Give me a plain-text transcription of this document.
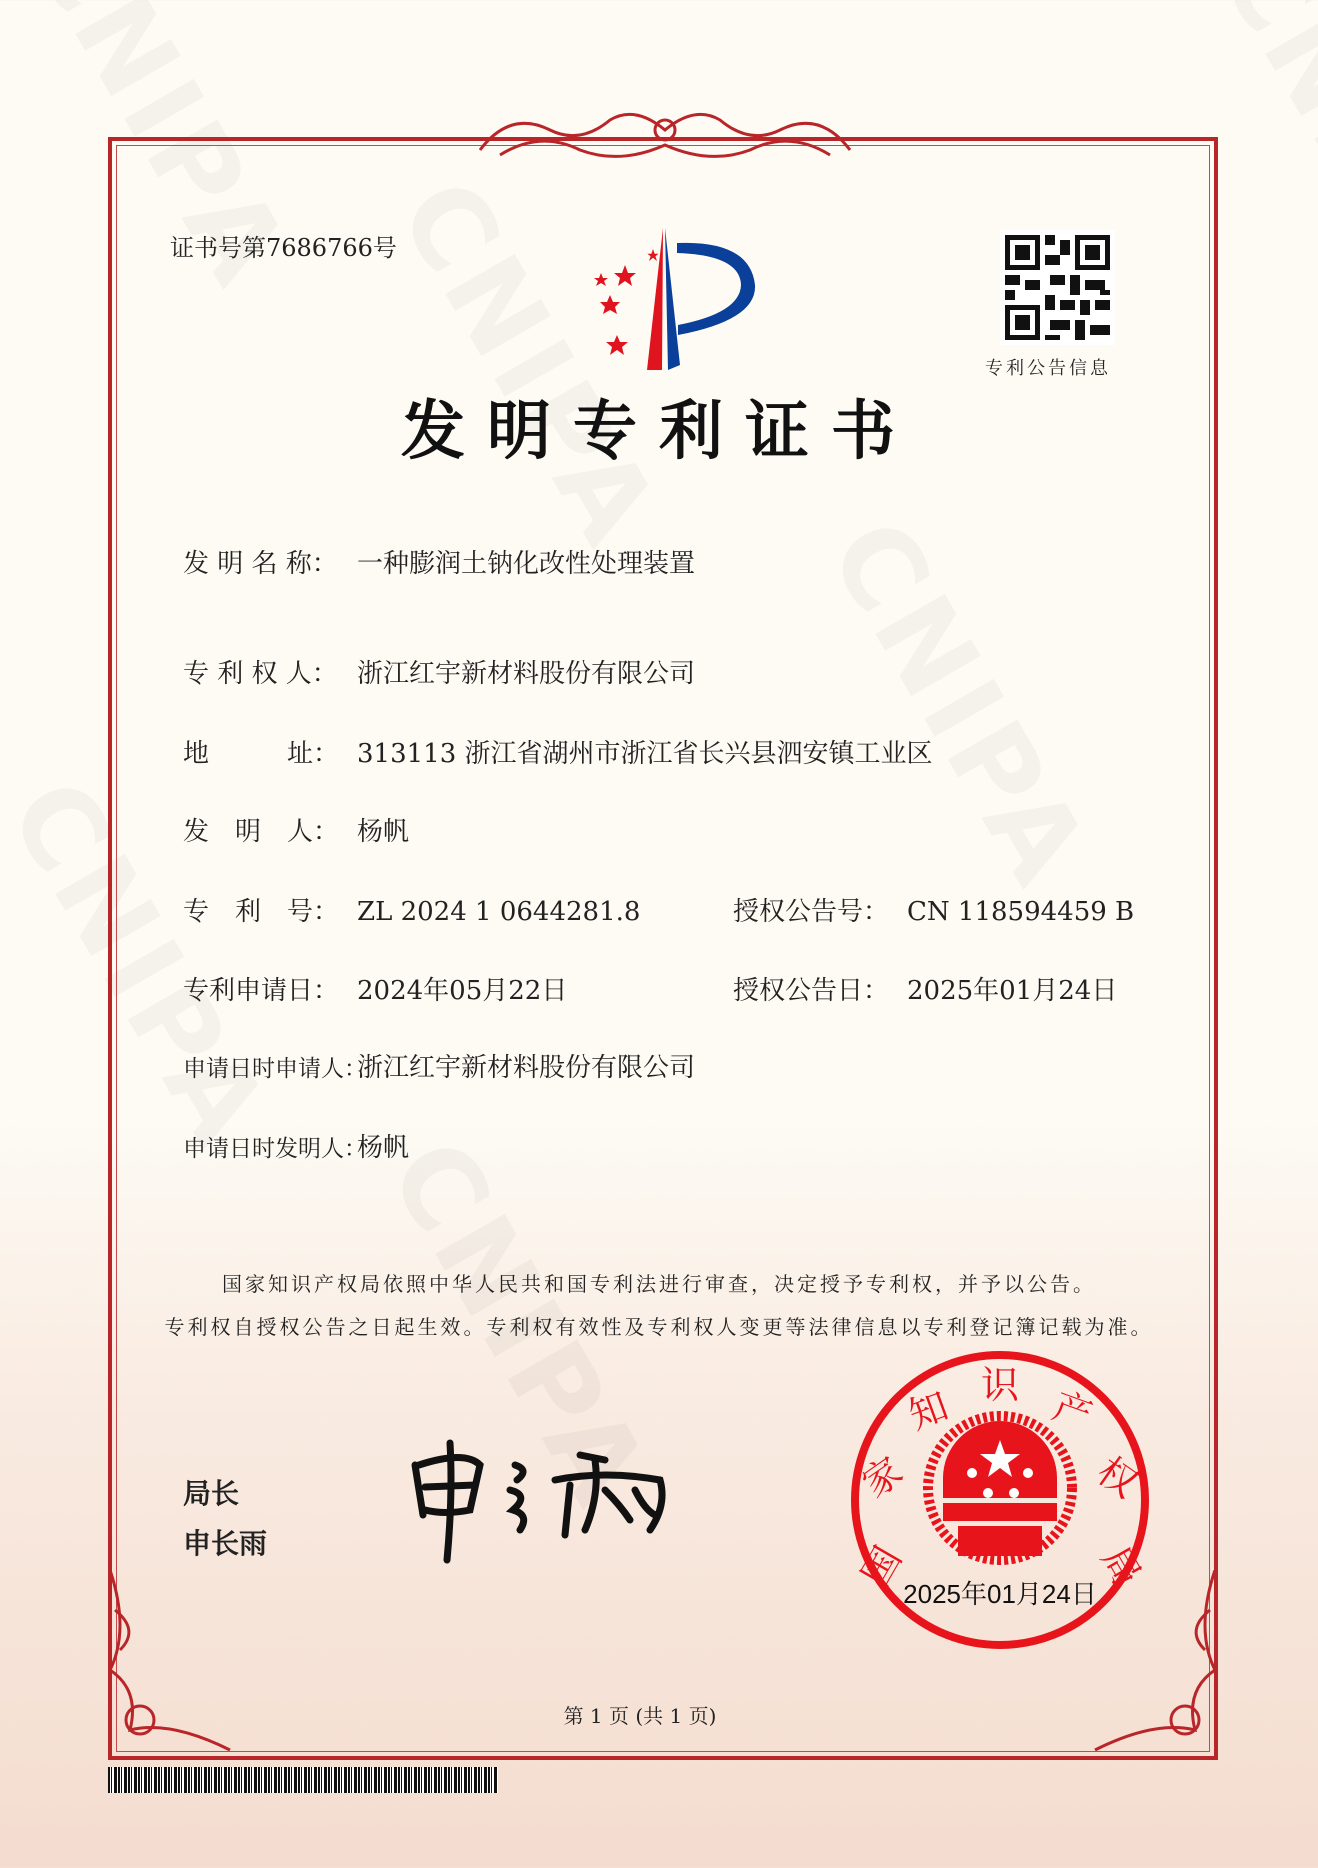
证书号第7686766号
专利公告信息
发明专利证书
发 明 名 称： 一种膨润土钠化改性处理装置
专 利 权 人： 浙江红宇新材料股份有限公司
地　　　址： 313113 浙江省湖州市浙江省长兴县泗安镇工业区
发　明　人： 杨帆
专　利　号： ZL 2024 1 0644281.8	授权公告号： CN 118594459 B
专利申请日： 2024年05月22日	授权公告日： 2025年01月24日
申请日时申请人：浙江红宇新材料股份有限公司
申请日时发明人：杨帆
国家知识产权局依照中华人民共和国专利法进行审查，决定授予专利权，并予以公告。
专利权自授权公告之日起生效。专利权有效性及专利权人变更等法律信息以专利登记簿记载为准。
局长
申长雨
2025年01月24日
国
家
知 识 产
权
局
第 1 页 (共 1 页)
